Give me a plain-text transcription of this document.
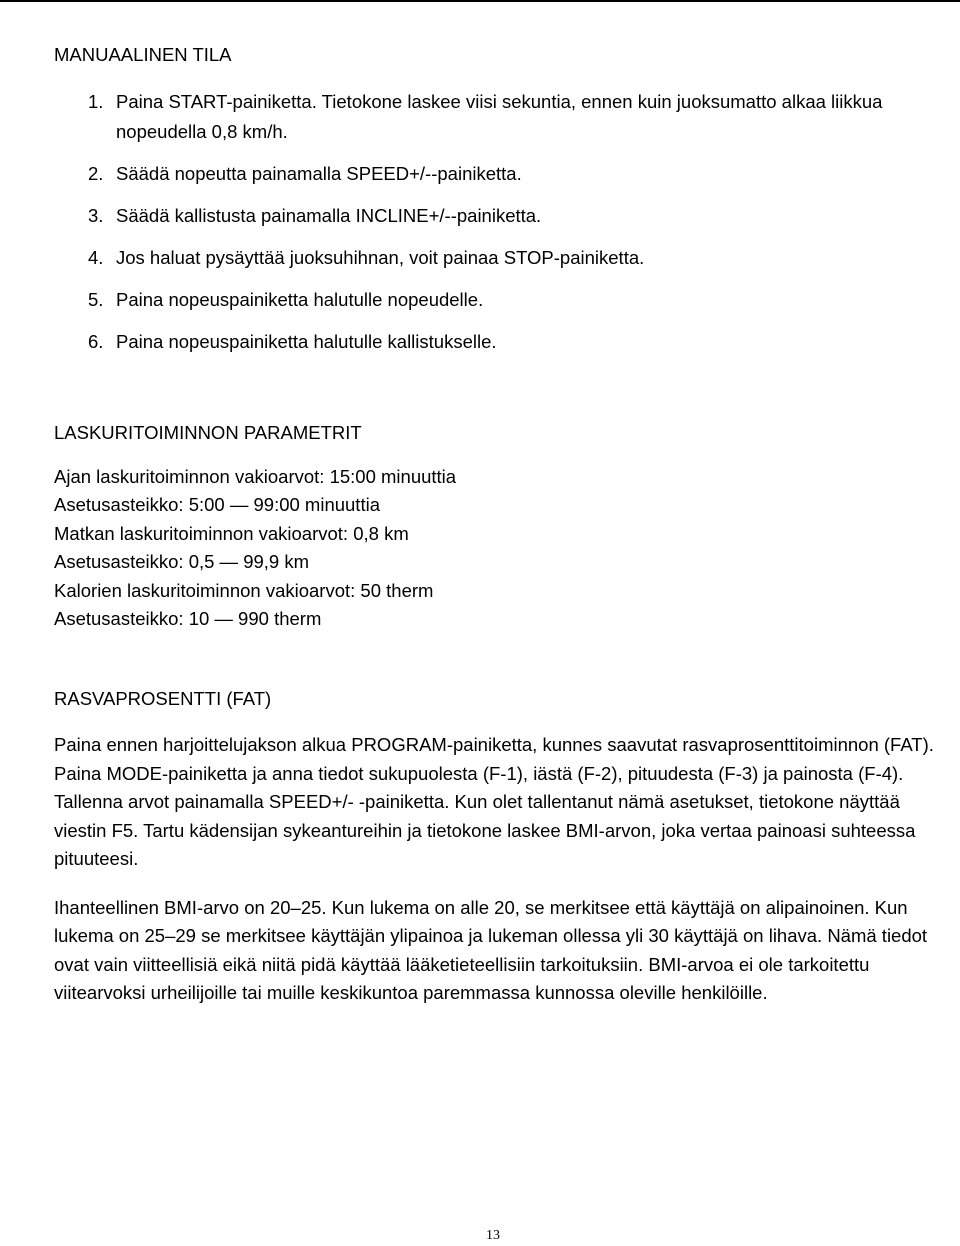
MANUAALINEN TILA
1. Paina START-painiketta. Tietokone laskee viisi sekuntia, ennen kuin juoksumatto alkaa liikkua nopeudella 0,8 km/h.
2. Säädä nopeutta painamalla SPEED+/--painiketta.
3. Säädä kallistusta painamalla INCLINE+/--painiketta.
4. Jos haluat pysäyttää juoksuhihnan, voit painaa STOP-painiketta.
5. Paina nopeuspainiketta halutulle nopeudelle.
6. Paina nopeuspainiketta halutulle kallistukselle.
LASKURITOIMINNON PARAMETRIT
Ajan laskuritoiminnon vakioarvot: 15:00 minuuttia
Asetusasteikko: 5:00 — 99:00 minuuttia
Matkan laskuritoiminnon vakioarvot: 0,8 km
Asetusasteikko: 0,5 — 99,9 km
Kalorien laskuritoiminnon vakioarvot: 50 therm
Asetusasteikko: 10 — 990 therm
RASVAPROSENTTI (FAT)

Paina ennen harjoittelujakson alkua PROGRAM-painiketta, kunnes saavutat rasvaprosenttitoiminnon (FAT). Paina MODE-painiketta ja anna tiedot sukupuolesta (F-1), iästä (F-2), pituudesta (F-3) ja painosta (F-4). Tallenna arvot painamalla SPEED+/- -painiketta. Kun olet tallentanut nämä asetukset, tietokone näyttää viestin F5. Tartu kädensijan sykeantureihin ja tietokone laskee BMI-arvon, joka vertaa painoasi suhteessa pituuteesi.

Ihanteellinen BMI-arvo on 20–25. Kun lukema on alle 20, se merkitsee että käyttäjä on alipainoinen. Kun lukema on 25–29 se merkitsee käyttäjän ylipainoa ja lukeman ollessa yli 30 käyttäjä on lihava. Nämä tiedot ovat vain viitteellisiä eikä niitä pidä käyttää lääketieteellisiin tarkoituksiin. BMI-arvoa ei ole tarkoitettu viitearvoksi urheilijoille tai muille keskikuntoa paremmassa kunnossa oleville henkilöille.

13
